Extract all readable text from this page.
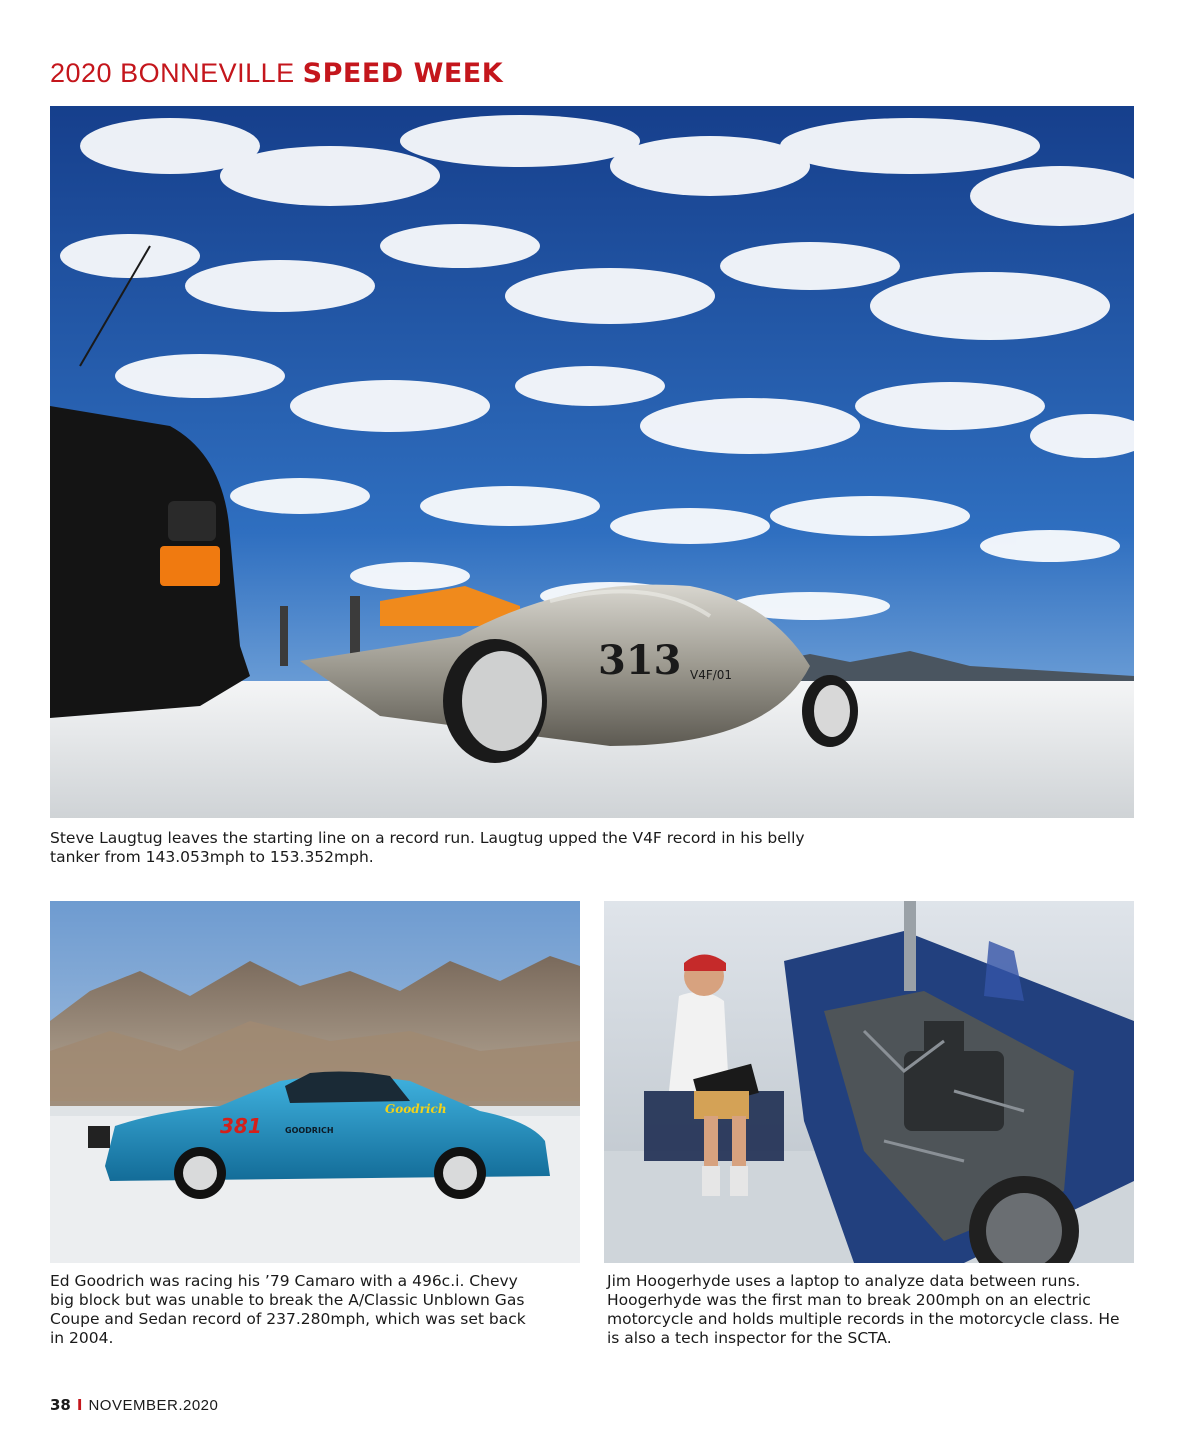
2020 BONNEVILLE SPEED WEEK
313 V4F/01
Steve Laugtug leaves the starting line on a record run. Laugtug upped the V4F record in his belly tanker from 143.053mph to 153.352mph.
381
Goodrich
GOODRICH
Ed Goodrich was racing his ’79 Camaro with a 496c.i. Chevy big block but was unable to break the A/Classic Unblown Gas Coupe and Sedan record of 237.280mph, which was set back in 2004.
Jim Hoogerhyde uses a laptop to analyze data between runs. Hoogerhyde was the first man to break 200mph on an electric motorcycle and holds multiple records in the motorcycle class. He is also a tech inspector for the SCTA.
38 I NOVEMBER.2020
